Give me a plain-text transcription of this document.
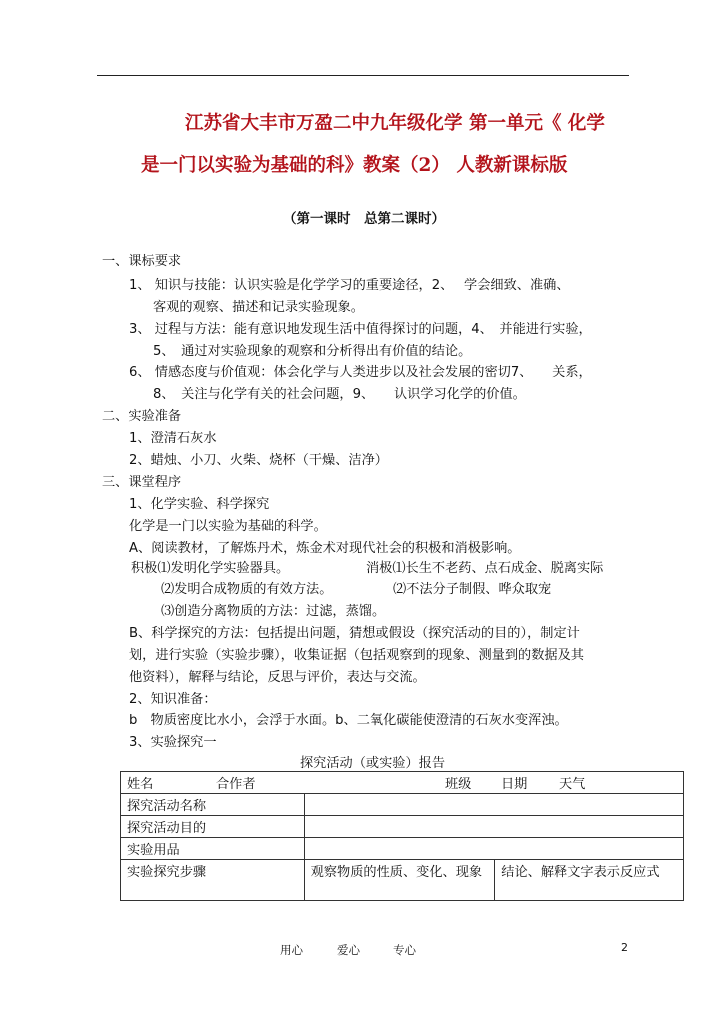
江苏省大丰市万盈二中九年级化学 第一单元《 化学
是一门以实验为基础的科》教案（2） 人教新课标版
（第一课时　总第二课时）
一、课标要求
1、 知识与技能：认识实验是化学学习的重要途径，2、　 学会细致、准确、
客观的观察、描述和记录实验现象。
3、 过程与方法：能有意识地发现生活中值得探讨的问题，4、　并能进行实验，
5、　通过对实验现象的观察和分析得出有价值的结论。
6、 情感态度与价值观：体会化学与人类进步以及社会发展的密切7、　　关系，
8、　关注与化学有关的社会问题，9、　　认识学习化学的价值。
二、实验准备
1、澄清石灰水
2、蜡烛、小刀、火柴、烧杯（干燥、洁净）
三、课堂程序
1、化学实验、科学探究
化学是一门以实验为基础的科学。
A、阅读教材，了解炼丹术，炼金术对现代社会的积极和消极影响。
积极⑴发明化学实验器具。	消极⑴长生不老药、点石成金、脱离实际
⑵发明合成物质的有效方法。	⑵不法分子制假、哗众取宠
⑶创造分离物质的方法：过滤，蒸馏。
B、科学探究的方法：包括提出问题，猜想或假设（探究活动的目的），制定计
划，进行实验（实验步骤），收集证据（包括观察到的现象、测量到的数据及其
他资料），解释与结论，反思与评价，表达与交流。
2、知识准备：
b　物质密度比水小，会浮于水面。b、二氧化碳能使澄清的石灰水变浑浊。
3、实验探究一
探究活动（或实验）报告
姓名 合作者 班级 日期 天气		

探究活动名称		
探究活动目的		
实验用品		
实验探究步骤	观察物质的性质、变化、现象	结论、解释文字表示反应式
用心	爱心	专心	2
